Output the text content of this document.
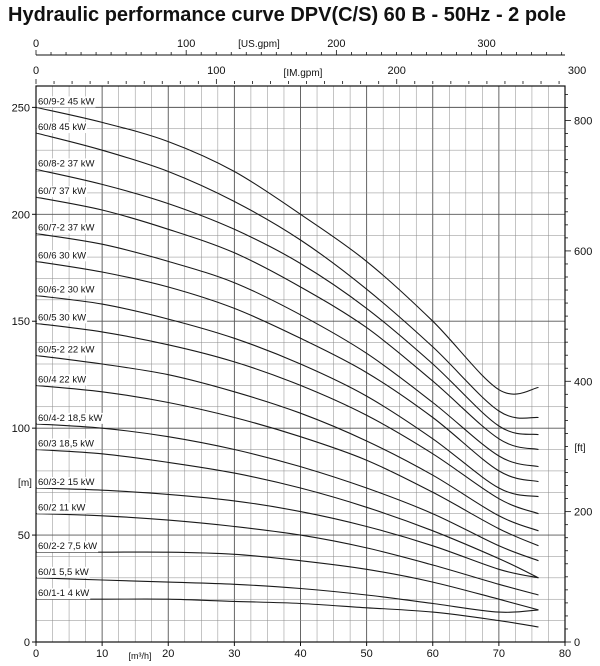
Hydraulic performance curve DPV(C/S) 60 B - 50Hz - 2 pole
60/9-2 45 kW
60/8 45 kW
60/8-2 37 kW
60/7 37 kW
60/7-2 37 kW
60/6 30 kW
60/6-2 30 kW
60/5 30 kW
60/5-2 22 kW
60/4 22 kW
60/4-2 18,5 kW
60/3 18,5 kW
60/3-2 15 kW
60/2 11 kW
60/2-2 7,5 kW
60/1 5,5 kW
60/1-1 4 kW
0	10	20	30	40	50	60	70	80
0
50
100
150
200
250
0
200
400
600
800
0	100	200	300
0	100	200	300
[m³/h]
[m]
[ft]
[US.gpm]
[IM.gpm]
